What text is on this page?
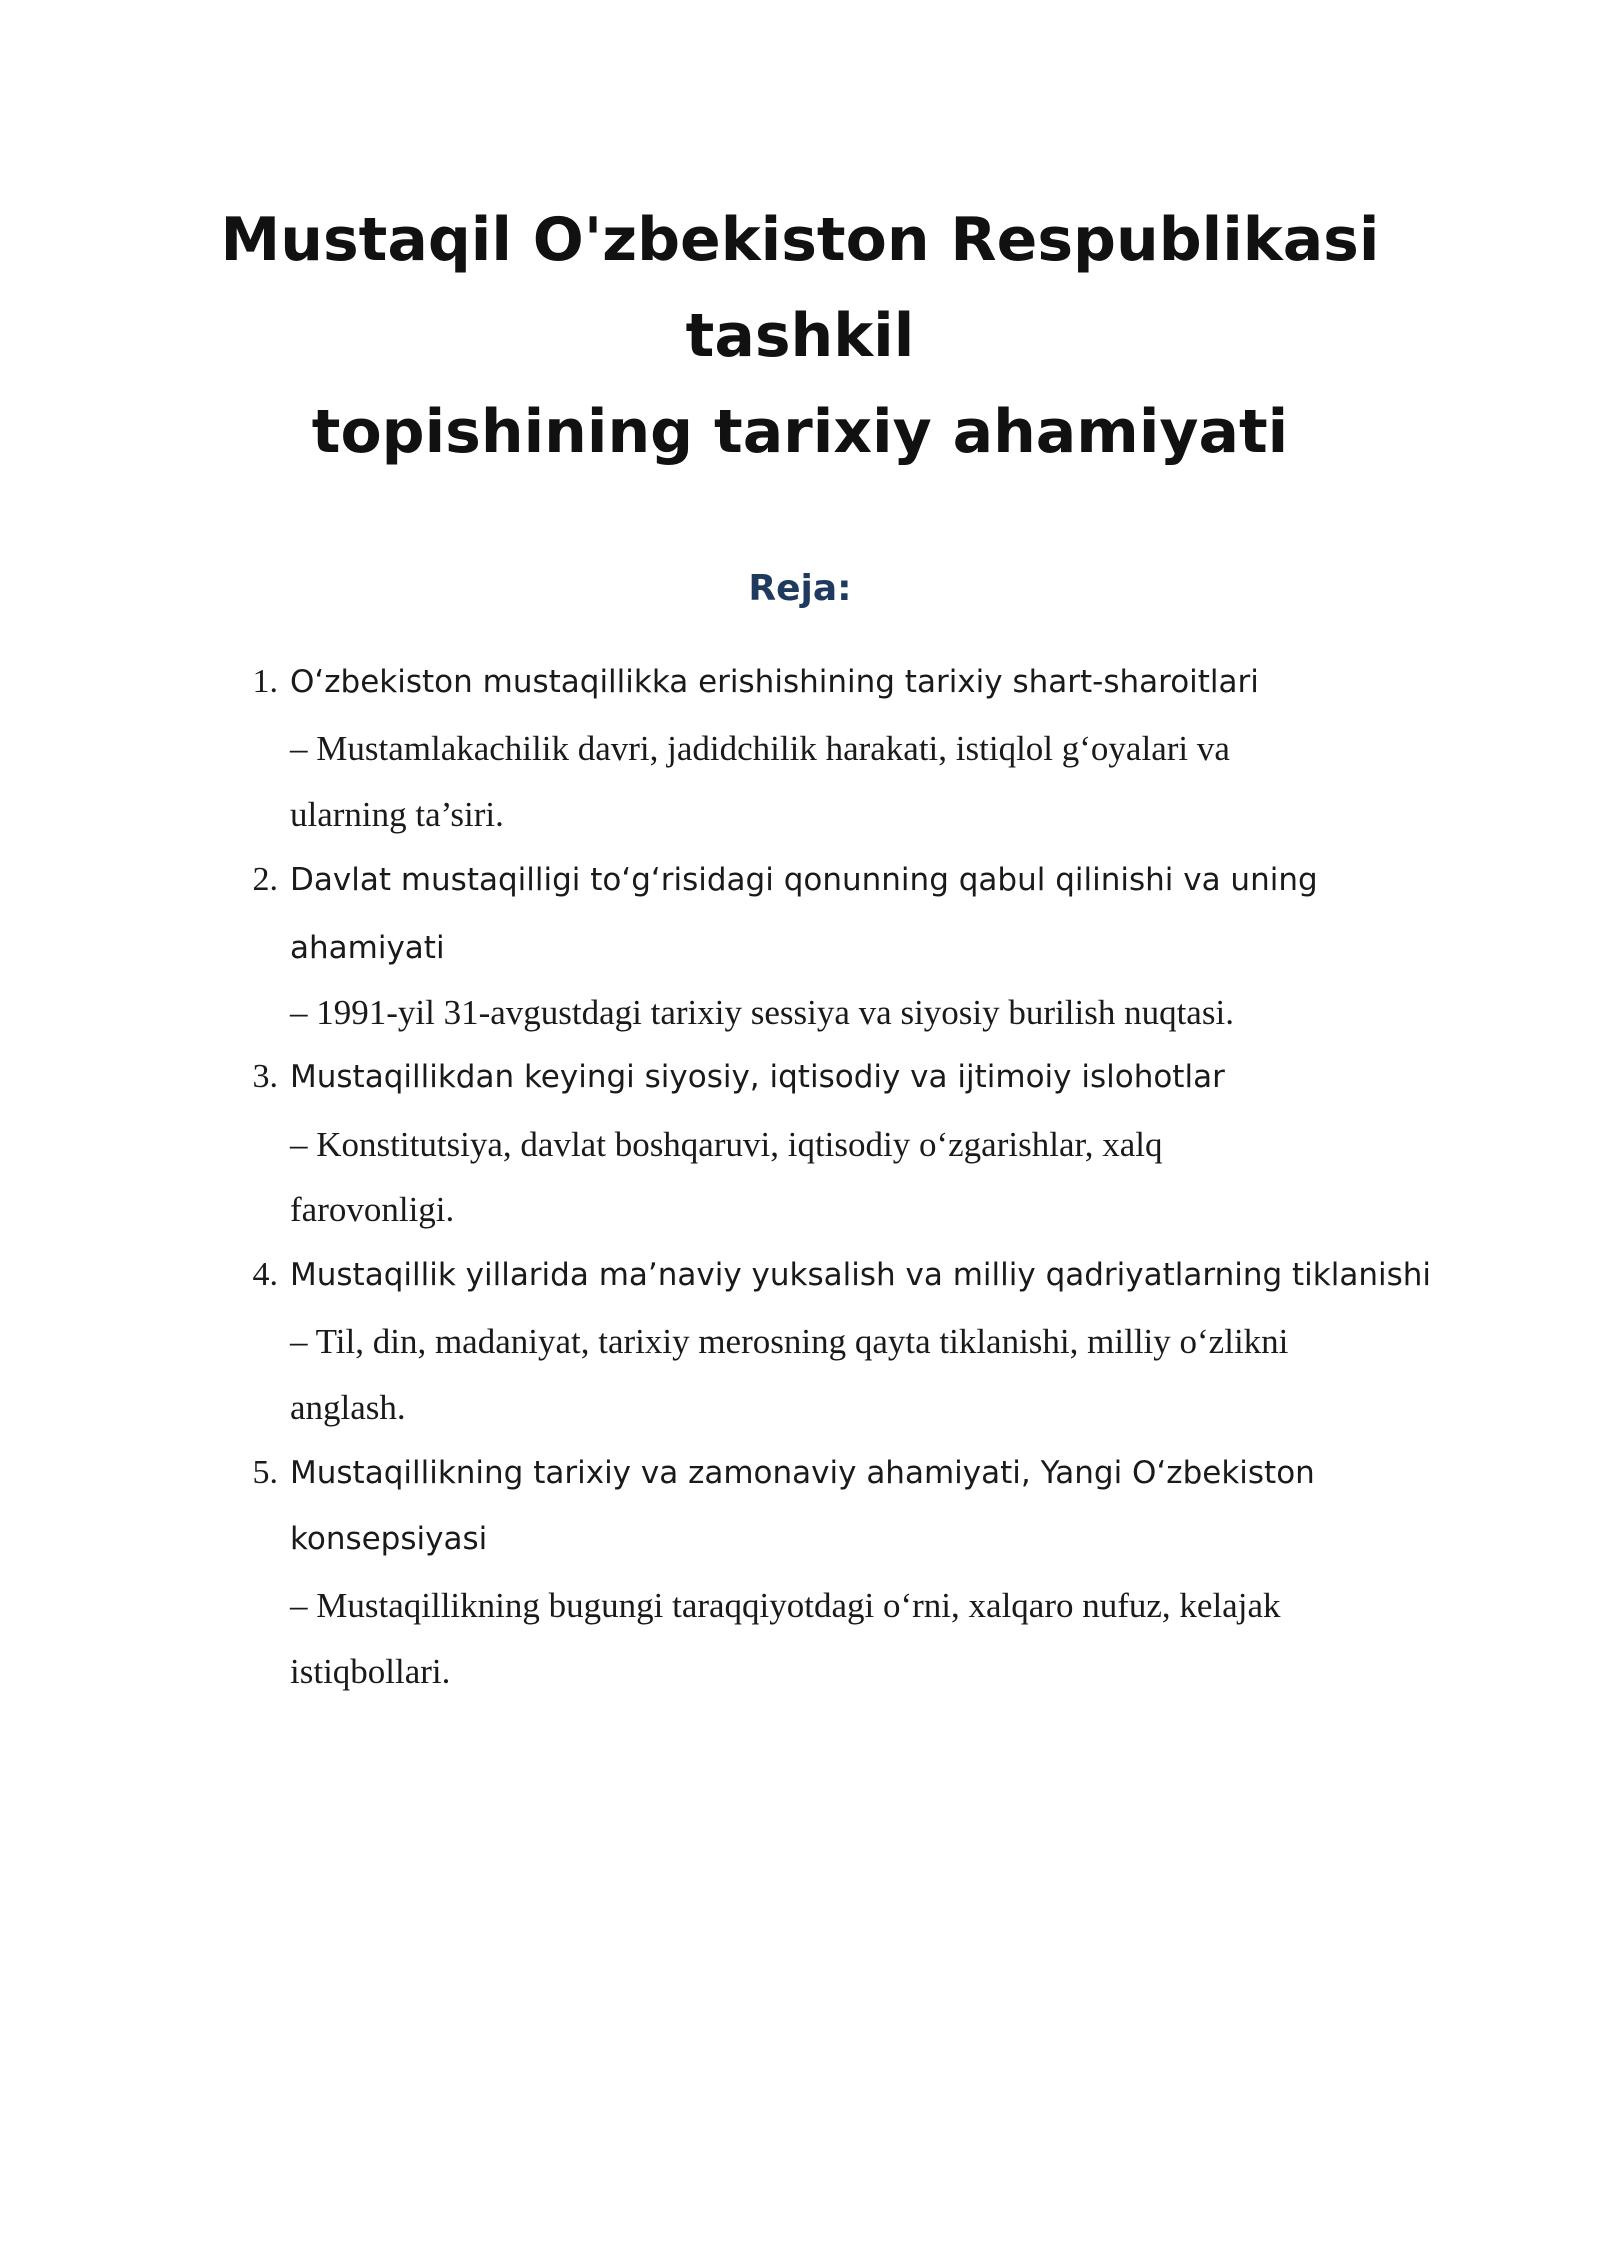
Mustaqil O'zbekiston Respublikasi tashkil
topishining tarixiy ahamiyati
Reja:
1. O‘zbekiston mustaqillikka erishishining tarixiy shart-sharoitlari

– Mustamlakachilik davri, jadidchilik harakati, istiqlol g‘oyalari va

ularning ta’siri.

2. Davlat mustaqilligi to‘g‘risidagi qonunning qabul qilinishi va uning

ahamiyati

– 1991-yil 31-avgustdagi tarixiy sessiya va siyosiy burilish nuqtasi.

3. Mustaqillikdan keyingi siyosiy, iqtisodiy va ijtimoiy islohotlar

– Konstitutsiya, davlat boshqaruvi, iqtisodiy o‘zgarishlar, xalq

farovonligi.

4. Mustaqillik yillarida ma’naviy yuksalish va milliy qadriyatlarning tiklanishi

– Til, din, madaniyat, tarixiy merosning qayta tiklanishi, milliy o‘zlikni

anglash.

5. Mustaqillikning tarixiy va zamonaviy ahamiyati, Yangi O‘zbekiston

konsepsiyasi

– Mustaqillikning bugungi taraqqiyotdagi o‘rni, xalqaro nufuz, kelajak

istiqbollari.
